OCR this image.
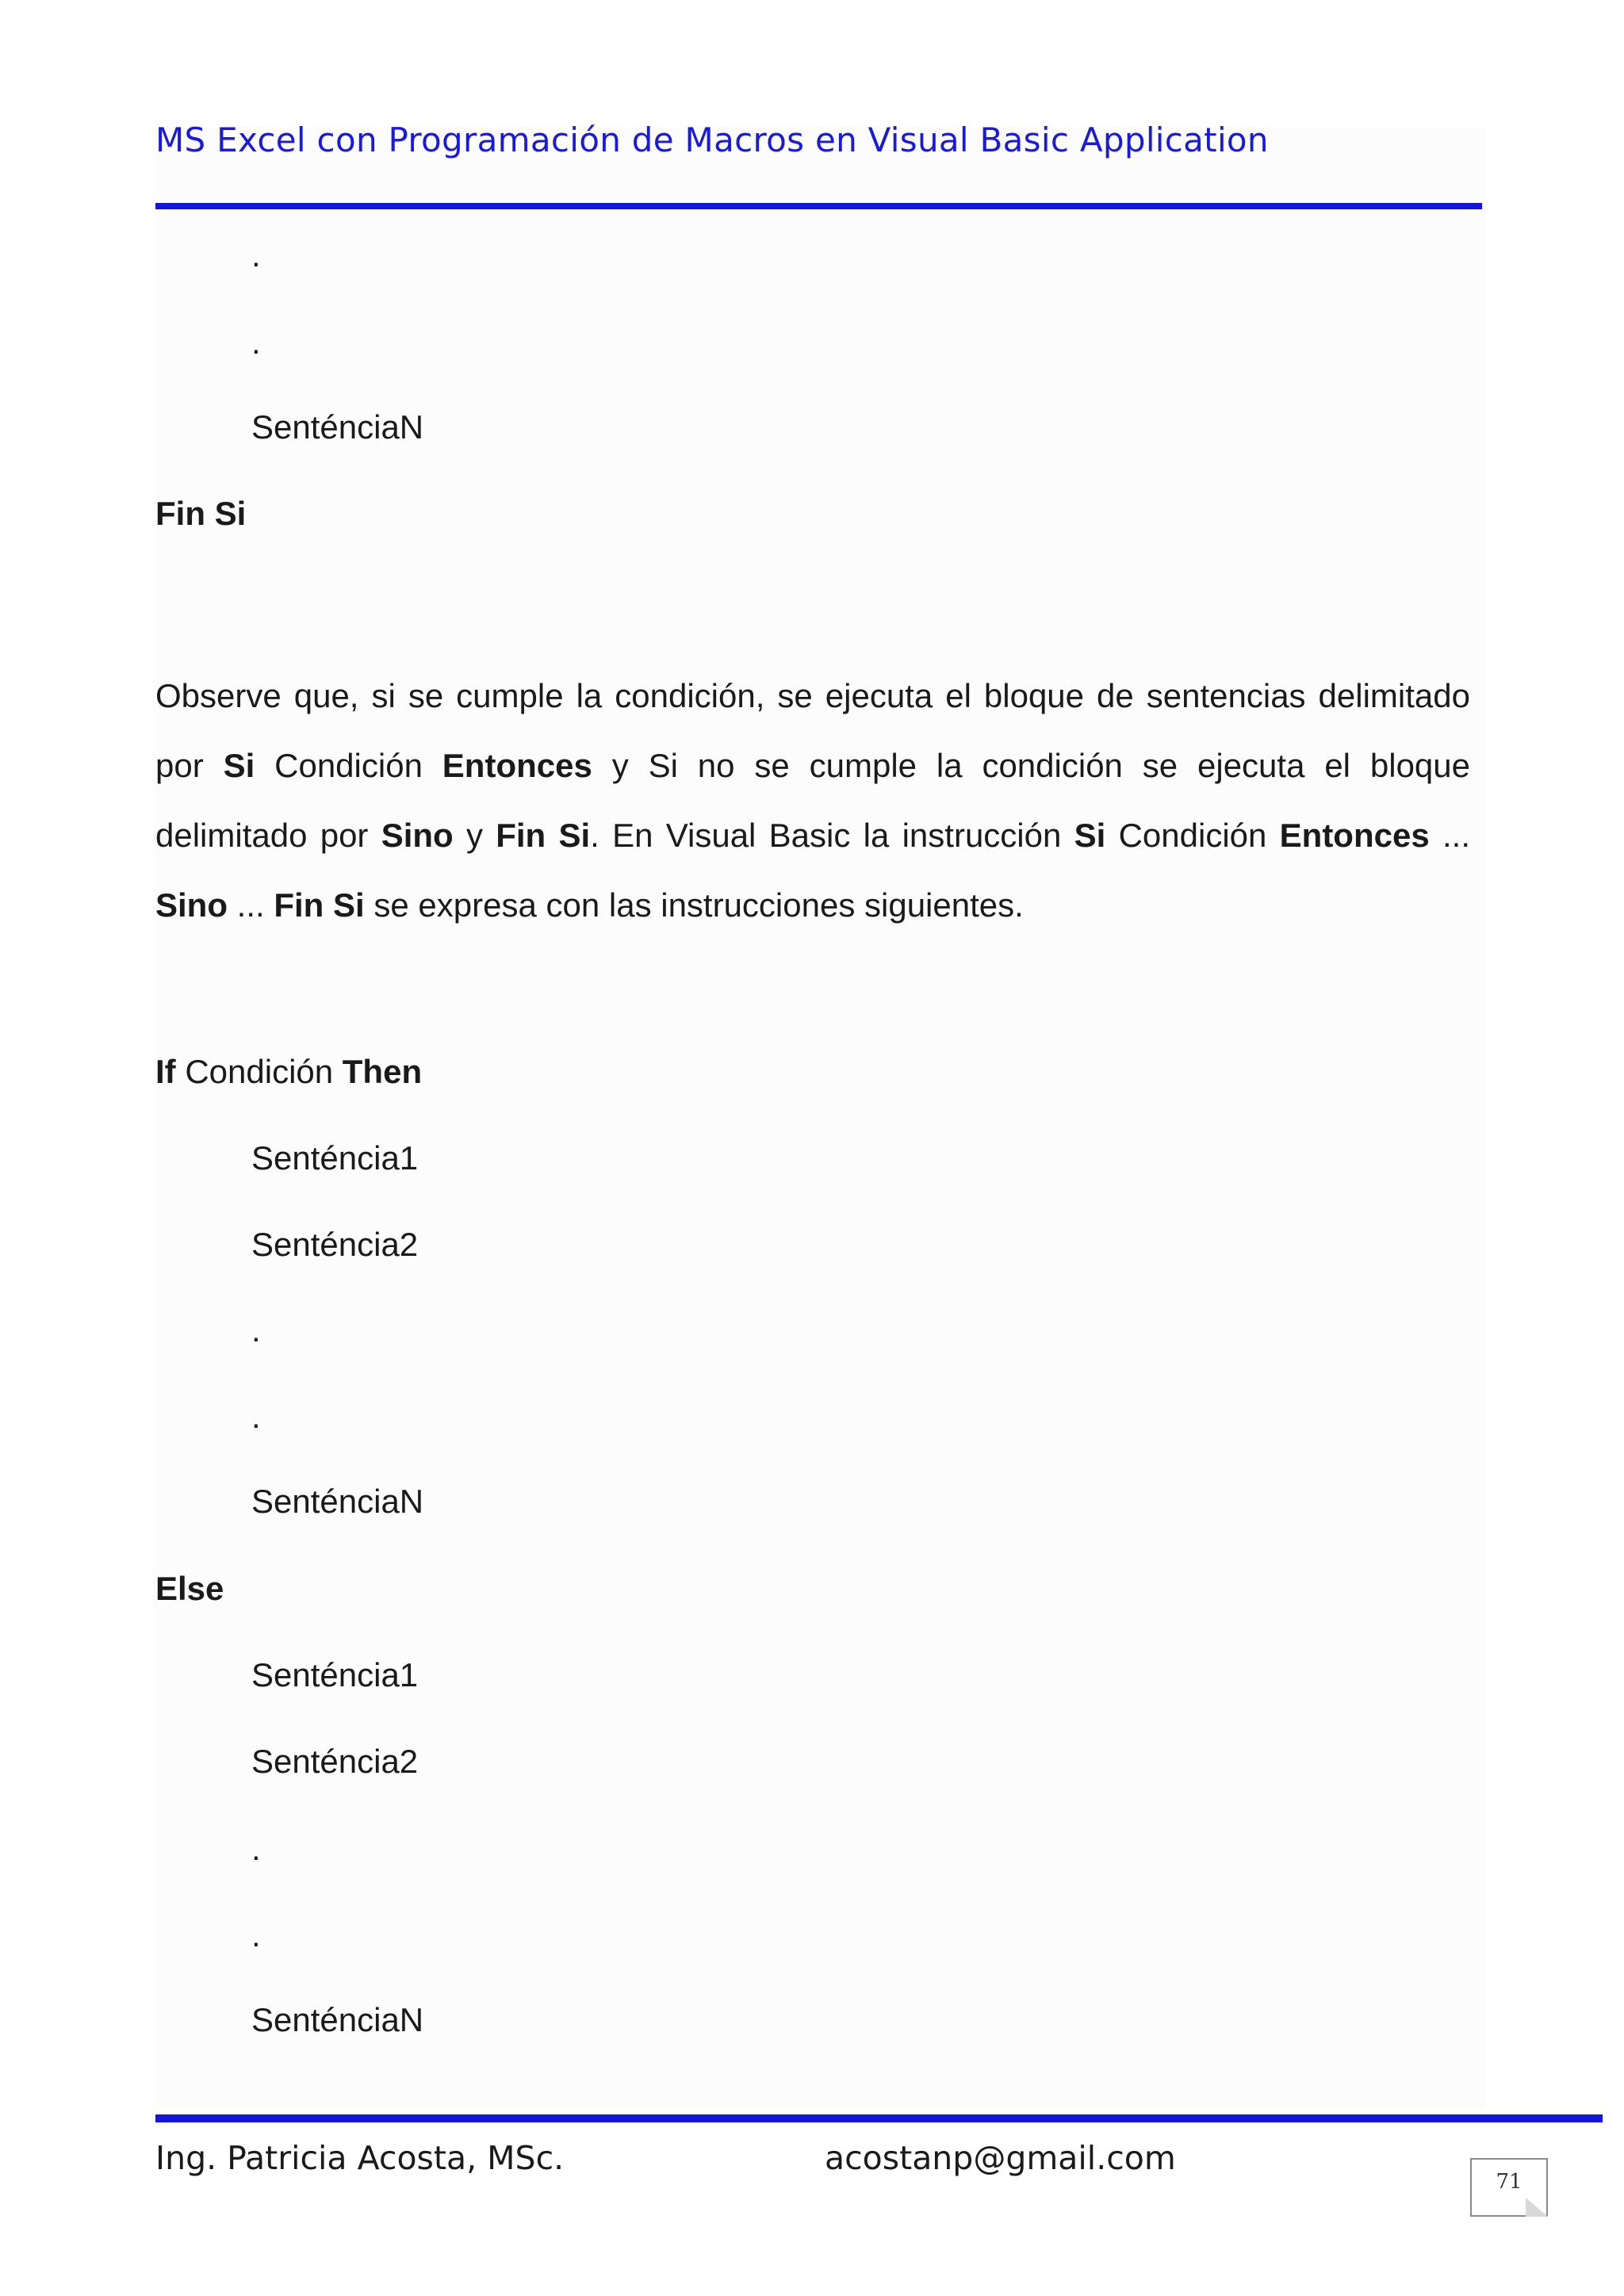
MS Excel con Programación de Macros en Visual Basic Application
.
.
SenténciaN
Fin Si

Observe que, si se cumple la condición, se ejecuta el bloque de sentencias delimitado por Si Condición Entonces y Si no se cumple la condición se ejecuta el bloque delimitado por Sino y Fin Si. En Visual Basic la instrucción Si Condición Entonces ... Sino ... Fin Si se expresa con las instrucciones siguientes.

If Condición Then
Senténcia1
Senténcia2
.
.
SenténciaN
Else
Senténcia1
Senténcia2
.
.
SenténciaN
Ing. Patricia Acosta, MSc.	acostanp@gmail.com
71
